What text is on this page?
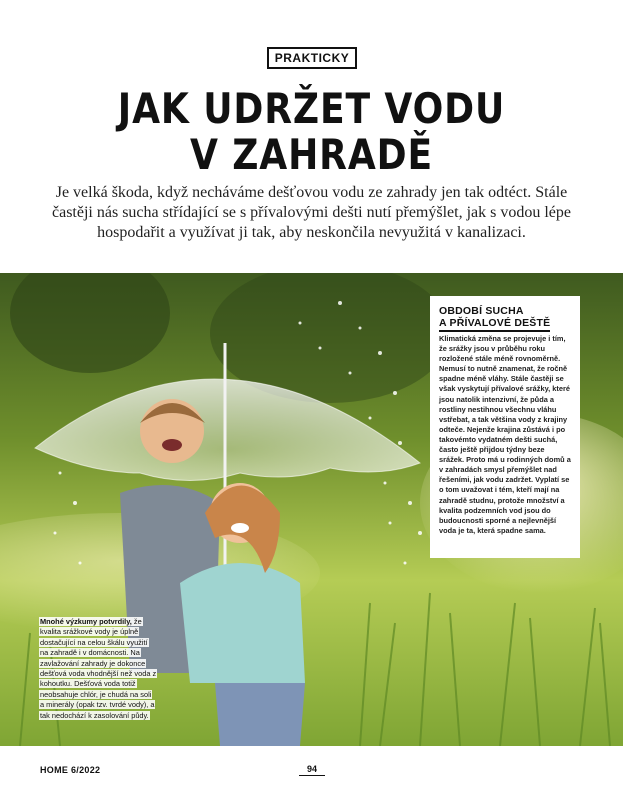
PRAKTICKY
JAK UDRŽET VODU
V ZAHRADĚ

Je velká škoda, když necháváme dešťovou vodu ze zahrady jen tak odtéct. Stále častěji nás sucha střídající se s přívalovými dešti nutí přemýšlet, jak s vodou lépe hospodařit a využívat ji tak, aby neskončila nevyužitá v kanalizaci.

OBDOBÍ SUCHA
A PŘÍVALOVÉ DEŠTĚ
Klimatická změna se projevuje i tím, že srážky jsou v průběhu roku rozložené stále méně rovnoměrně. Nemusí to nutně znamenat, že ročně spadne méně vláhy. Stále častěji se však vyskytují přívalové srážky, které jsou natolik intenzivní, že půda a rostliny nestihnou všechnu vláhu vstřebat, a tak většina vody z krajiny odteče. Nejenže krajina zůstává i po takovémto vydatném dešti suchá, často ještě přijdou týdny beze srážek. Proto má u rodinných domů a v zahradách smysl přemýšlet nad řešeními, jak vodu zadržet. Vyplatí se o tom uvažovat i tém, kteří mají na zahradě studnu, protože množství a kvalita podzemních vod jsou do budoucnosti sporné a nejlevnější voda je ta, která spadne sama.
Mnohé výzkumy potvrdily, že kvalita srážkové vody je úplně dostačující na celou škálu využití na zahradě i v domácnosti. Na zavlažování zahrady je dokonce dešťová voda vhodnější než voda z kohoutku. Dešťová voda totiž neobsahuje chlór, je chudá na soli a minerály (opak tzv. tvrdé vody), a tak nedochází k zasolování půdy.
HOME 6/2022	94
